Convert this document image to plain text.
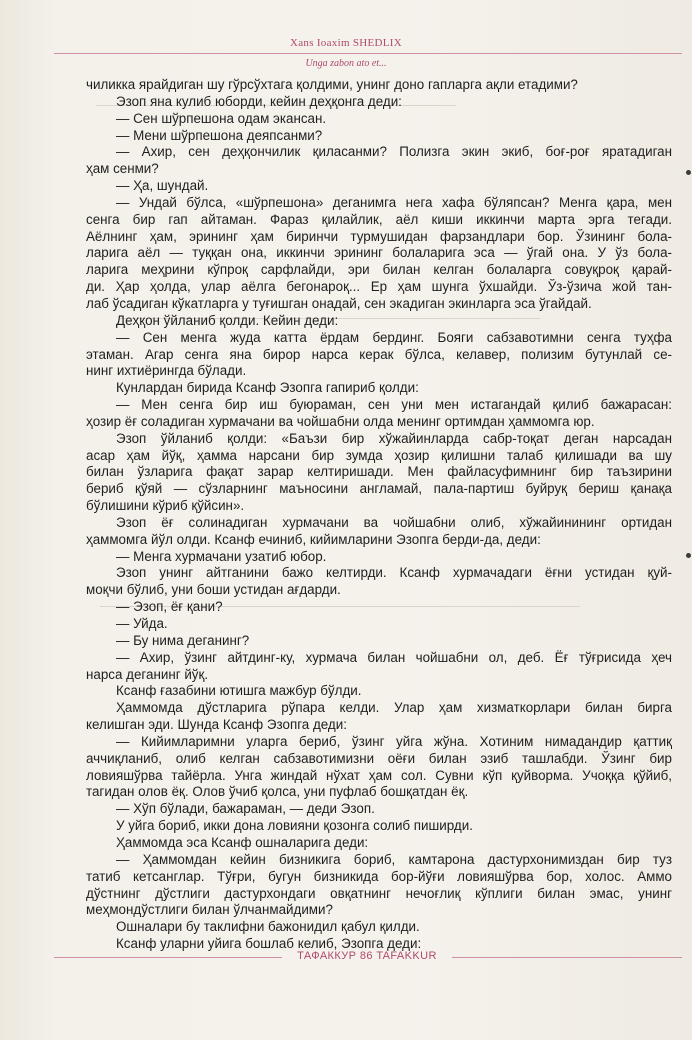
Xans Ioaxim SHEDLIX
Unga zabon ato et...
чиликка ярайдиган шу гўрсўхтага қолдими, унинг доно гапларга ақли етадими?
Эзоп яна кулиб юборди, кейин деҳқонга деди:
— Сен шўрпешона одам экансан.
— Мени шўрпешона деяпсанми?
— Ахир, сен деҳқончилик қиласанми? Полизга экин экиб, боғ-роғ яратадиган
ҳам сенми?
— Ҳа, шундай.
— Ундай бўлса, «шўрпешона» деганимга нега хафа бўляпсан? Менга қара, мен
сенга бир гап айтаман. Фараз қилайлик, аёл киши иккинчи марта эрга тегади.
Аёлнинг ҳам, эрининг ҳам биринчи турмушидан фарзандлари бор. Ўзининг бола-
ларига аёл — туққан она, иккинчи эрининг болаларига эса — ўгай она. У ўз бола-
ларига меҳрини кўпроқ сарфлайди, эри билан келган болаларга совуқроқ қарай-
ди. Ҳар ҳолда, улар аёлга бегонароқ... Ер ҳам шунга ўхшайди. Ўз-ўзича жой тан-
лаб ўсадиган кўкатларга у туғишган онадай, сен экадиган экинларга эса ўгайдай.
Деҳқон ўйланиб қолди. Кейин деди:
— Сен менга жуда катта ёрдам бердинг. Бояги сабзавотимни сенга туҳфа
этаман. Агар сенга яна бирор нарса керак бўлса, келавер, полизим бутунлай се-
нинг ихтиёрингда бўлади.
Кунлардан бирида Ксанф Эзопга гапириб қолди:
— Мен сенга бир иш буюраман, сен уни мен истагандай қилиб бажарасан:
ҳозир ёғ соладиган хурмачани ва чойшабни олда менинг ортимдан ҳаммомга юр.
Эзоп ўйланиб қолди: «Баъзи бир хўжайинларда сабр-тоқат деган нарсадан
асар ҳам йўқ, ҳамма нарсани бир зумда ҳозир қилишни талаб қилишади ва шу
билан ўзларига фақат зарар келтиришади. Мен файласуфимнинг бир таъзирини
бериб қўяй — сўзларнинг маъносини англамай, пала-партиш буйруқ бериш қанақа
бўлишини кўриб қўйсин».
Эзоп ёғ солинадиган хурмачани ва чойшабни олиб, хўжайинининг ортидан
ҳаммомга йўл олди. Ксанф ечиниб, кийимларини Эзопга берди-да, деди:
— Менга хурмачани узатиб юбор.
Эзоп унинг айтганини бажо келтирди. Ксанф хурмачадаги ёғни устидан қуй-
моқчи бўлиб, уни боши устидан ағдарди.
— Эзоп, ёғ қани?
— Уйда.
— Бу нима деганинг?
— Ахир, ўзинг айтдинг-ку, хурмача билан чойшабни ол, деб. Ёғ тўғрисида ҳеч
нарса деганинг йўқ.
Ксанф ғазабини ютишга мажбур бўлди.
Ҳаммомда дўстларига рўпара келди. Улар ҳам хизматкорлари билан бирга
келишган эди. Шунда Ксанф Эзопга деди:
— Кийимларимни уларга бериб, ўзинг уйга жўна. Хотиним нимадандир қаттиқ
аччиқланиб, олиб келган сабзавотимизни оёғи билан эзиб ташлабди. Ўзинг бир
ловияшўрва тайёрла. Унга жиндай нўхат ҳам сол. Сувни кўп қуйворма. Учоққа қўйиб,
тагидан олов ёқ. Олов ўчиб қолса, уни пуфлаб бошқатдан ёқ.
— Хўп бўлади, бажараман, — деди Эзоп.
У уйга бориб, икки дона ловияни қозонга солиб пиширди.
Ҳаммомда эса Ксанф ошналарига деди:
— Ҳаммомдан кейин бизникига бориб, камтарона дастурхонимиздан бир туз
татиб кетсанглар. Тўғри, бугун бизникида бор-йўғи ловияшўрва бор, холос. Аммо
дўстнинг дўстлиги дастурхондаги овқатнинг нечоғлиқ кўплиги билан эмас, унинг
меҳмондўстлиги билан ўлчанмайдими?
Ошналари бу таклифни бажонидил қабул қилди.
Ксанф уларни уйига бошлаб келиб, Эзопга деди:
ТАФАККУР 86 TAFAKKUR
